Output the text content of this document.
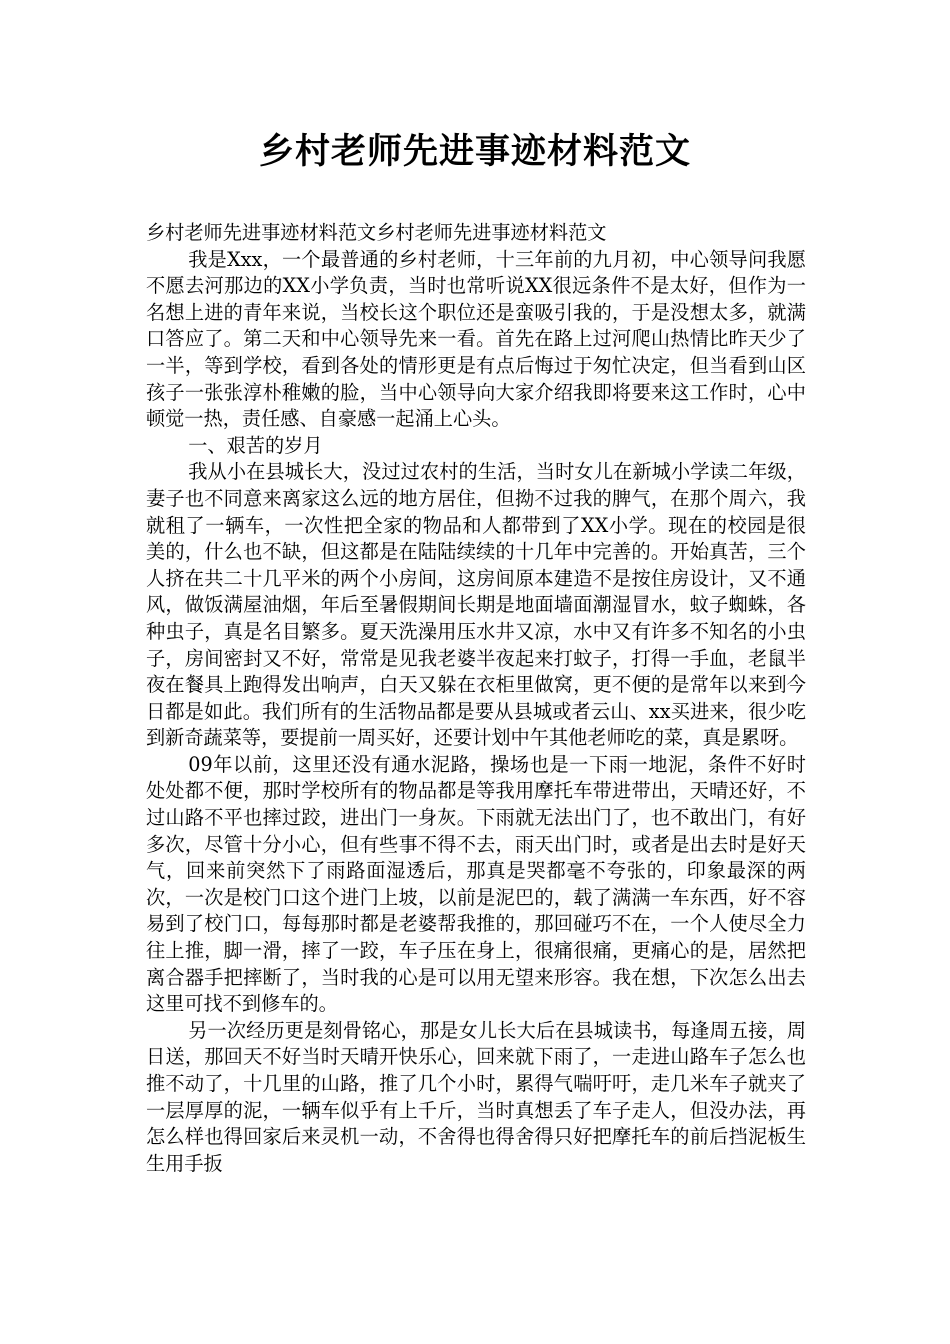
乡村老师先进事迹材料范文

乡村老师先进事迹材料范文乡村老师先进事迹材料范文

我是Xxx，一个最普通的乡村老师，十三年前的九月初，中心领导问我愿不愿去河那边的XX小学负责，当时也常听说XX很远条件不是太好，但作为一名想上进的青年来说，当校长这个职位还是蛮吸引我的，于是没想太多，就满口答应了。第二天和中心领导先来一看。首先在路上过河爬山热情比昨天少了一半，等到学校，看到各处的情形更是有点后悔过于匆忙决定，但当看到山区孩子一张张淳朴稚嫩的脸，当中心领导向大家介绍我即将要来这工作时，心中顿觉一热，责任感、自豪感一起涌上心头。

一、艰苦的岁月

我从小在县城长大，没过过农村的生活，当时女儿在新城小学读二年级，妻子也不同意来离家这么远的地方居住，但拗不过我的脾气，在那个周六，我就租了一辆车，一次性把全家的物品和人都带到了XX小学。现在的校园是很美的，什么也不缺，但这都是在陆陆续续的十几年中完善的。开始真苦，三个人挤在共二十几平米的两个小房间，这房间原本建造不是按住房设计，又不通风，做饭满屋油烟，年后至暑假期间长期是地面墙面潮湿冒水，蚊子蜘蛛，各种虫子，真是名目繁多。夏天洗澡用压水井又凉，水中又有许多不知名的小虫子，房间密封又不好，常常是见我老婆半夜起来打蚊子，打得一手血，老鼠半夜在餐具上跑得发出响声，白天又躲在衣柜里做窝，更不便的是常年以来到今日都是如此。我们所有的生活物品都是要从县城或者云山、xx买进来，很少吃到新奇蔬菜等，要提前一周买好，还要计划中午其他老师吃的菜，真是累呀。

09年以前，这里还没有通水泥路，操场也是一下雨一地泥，条件不好时处处都不便，那时学校所有的物品都是等我用摩托车带进带出，天晴还好，不过山路不平也摔过跤，进出门一身灰。下雨就无法出门了，也不敢出门，有好多次，尽管十分小心，但有些事不得不去，雨天出门时，或者是出去时是好天气，回来前突然下了雨路面湿透后，那真是哭都毫不夸张的，印象最深的两次，一次是校门口这个进门上坡，以前是泥巴的，载了满满一车东西，好不容易到了校门口，每每那时都是老婆帮我推的，那回碰巧不在，一个人使尽全力往上推，脚一滑，摔了一跤，车子压在身上，很痛很痛，更痛心的是，居然把离合器手把摔断了，当时我的心是可以用无望来形容。我在想，下次怎么出去这里可找不到修车的。

另一次经历更是刻骨铭心，那是女儿长大后在县城读书，每逢周五接，周日送，那回天不好当时天晴开快乐心，回来就下雨了，一走进山路车子怎么也推不动了，十几里的山路，推了几个小时，累得气喘吁吁，走几米车子就夹了一层厚厚的泥，一辆车似乎有上千斤，当时真想丢了车子走人，但没办法，再怎么样也得回家后来灵机一动，不舍得也得舍得只好把摩托车的前后挡泥板生生用手扳
